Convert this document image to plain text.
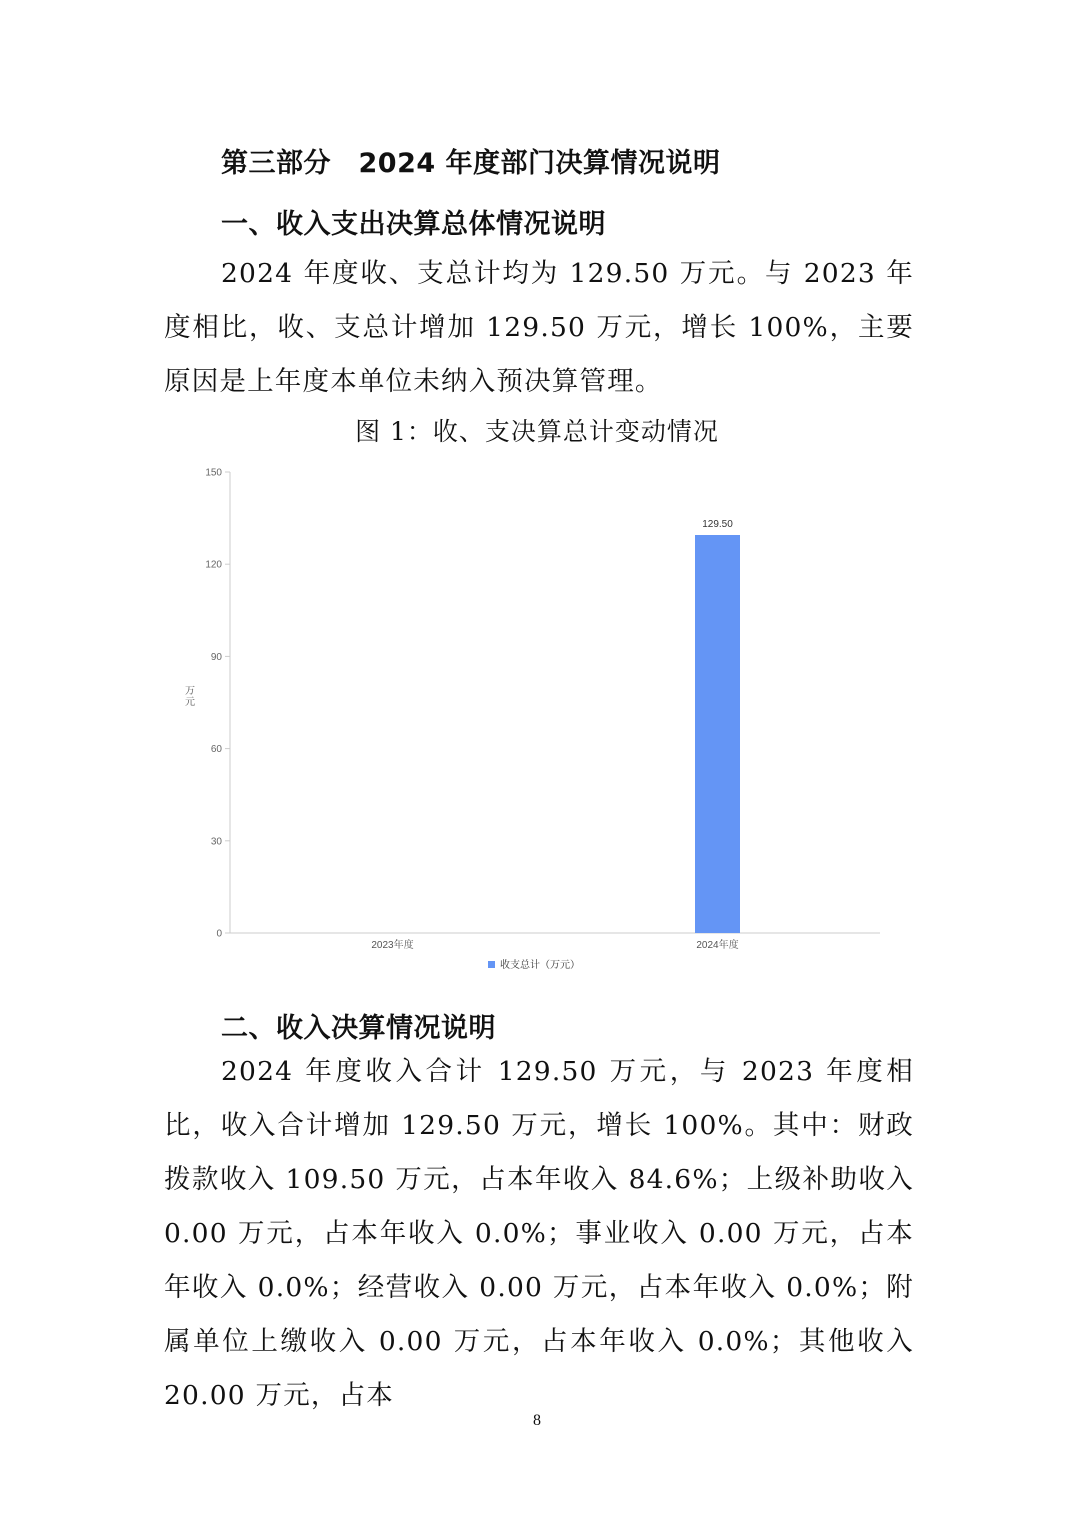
第三部分　2024 年度部门决算情况说明
一、收入支出决算总体情况说明

2024 年度收、支总计均为 129.50 万元。与 2023 年度相比，收、支总计增加 129.50 万元，增长 100%，主要原因是上年度本单位未纳入预决算管理。

图 1：收、支决算总计变动情况
0
30
60
90
120
150
万元
2023年度
129.50
2024年度
收支总计（万元）
二、收入决算情况说明

2024 年度收入合计 129.50 万元，与 2023 年度相比，收入合计增加 129.50 万元，增长 100%。其中：财政拨款收入 109.50 万元，占本年收入 84.6%；上级补助收入 0.00 万元，占本年收入 0.0%；事业收入 0.00 万元，占本年收入 0.0%；经营收入 0.00 万元，占本年收入 0.0%；附属单位上缴收入 0.00 万元，占本年收入 0.0%；其他收入 20.00 万元，占本

8
